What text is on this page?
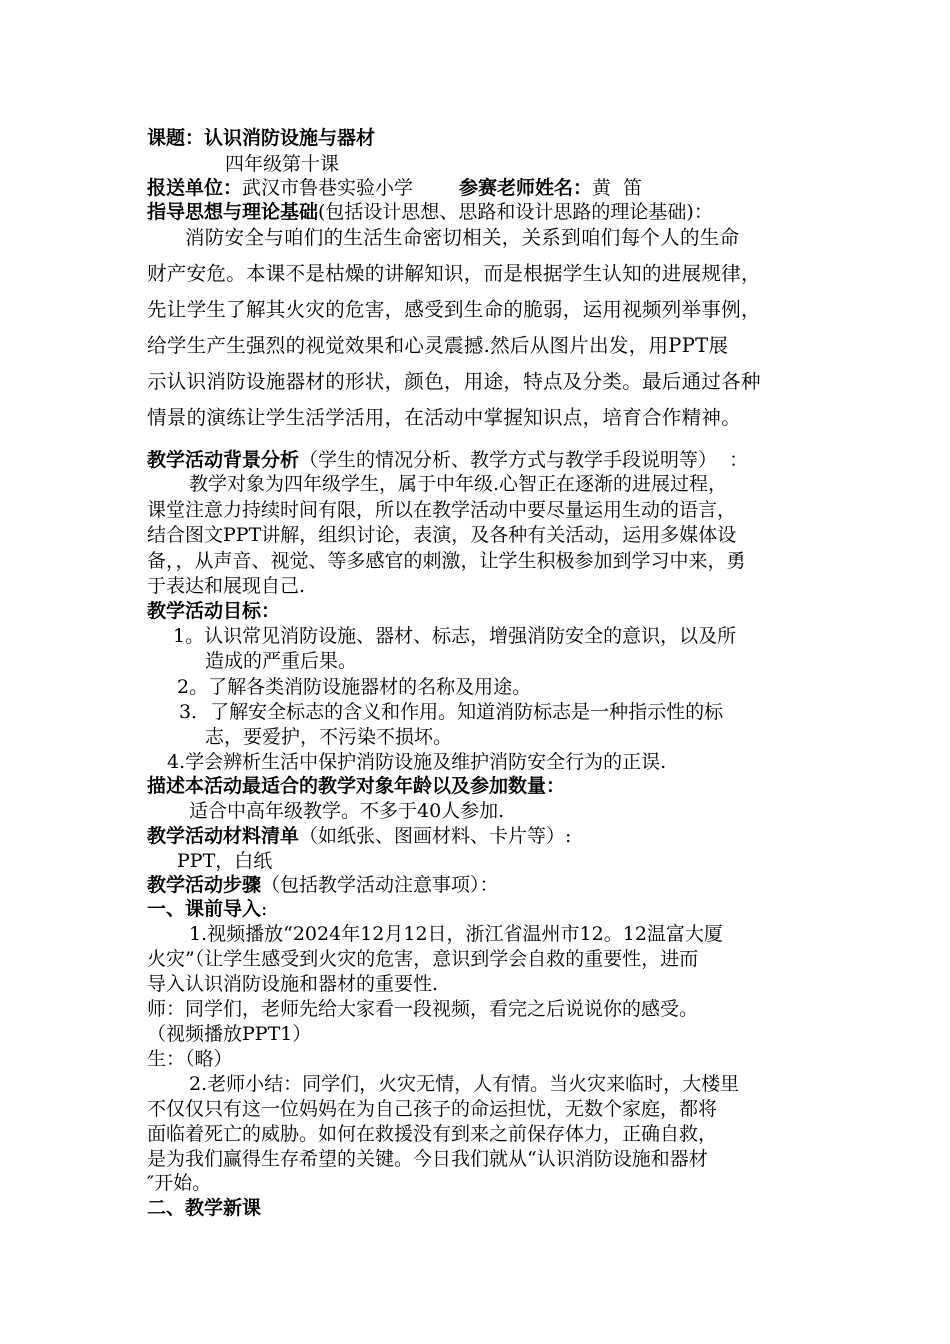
课题：认识消防设施与器材
四年级第十课
报送单位：武汉市鲁巷实验小学 参赛老师姓名：黄  笛
指导思想与理论基础(包括设计思想、思路和设计思路的理论基础)：
消防安全与咱们的生活生命密切相关，关系到咱们每个人的生命
财产安危。本课不是枯燥的讲解知识，而是根据学生认知的进展规律，
先让学生了解其火灾的危害，感受到生命的脆弱，运用视频列举事例，
给学生产生强烈的视觉效果和心灵震撼.然后从图片出发，用PPT展
示认识消防设施器材的形状，颜色，用途，特点及分类。最后通过各种
情景的演练让学生活学活用，在活动中掌握知识点，培育合作精神。
教学活动背景分析（学生的情况分析、教学方式与教学手段说明等）  ：
教学对象为四年级学生，属于中年级.心智正在逐渐的进展过程，
课堂注意力持续时间有限，所以在教学活动中要尽量运用生动的语言，
结合图文PPT讲解，组织讨论，表演，及各种有关活动，运用多媒体设
备，，从声音、视觉、等多感官的刺激，让学生积极参加到学习中来，勇
于表达和展现自己.
教学活动目标：
1。认识常见消防设施、器材、标志，增强消防安全的意识，以及所
造成的严重后果。
2。了解各类消防设施器材的名称及用途。
3．了解安全标志的含义和作用。知道消防标志是一种指示性的标
志，要爱护，不污染不损坏。
4.学会辨析生活中保护消防设施及维护消防安全行为的正误.
描述本活动最适合的教学对象年龄以及参加数量：
适合中高年级教学。不多于40人参加.
教学活动材料清单（如纸张、图画材料、卡片等）:
PPT，白纸
教学活动步骤（包括教学活动注意事项）：
一、课前导入:
1.视频播放“2024年12月12日，浙江省温州市12。12温富大厦
火灾”（让学生感受到火灾的危害，意识到学会自救的重要性，进而
导入认识消防设施和器材的重要性.
师：同学们，老师先给大家看一段视频，看完之后说说你的感受。
（视频播放PPT1）
生：（略）
2.老师小结：同学们，火灾无情，人有情。当火灾来临时，大楼里
不仅仅只有这一位妈妈在为自己孩子的命运担忧，无数个家庭，都将
面临着死亡的威胁。如何在救援没有到来之前保存体力，正确自救，
是为我们赢得生存希望的关键。今日我们就从“认识消防设施和器材
″开始。
二、教学新课
